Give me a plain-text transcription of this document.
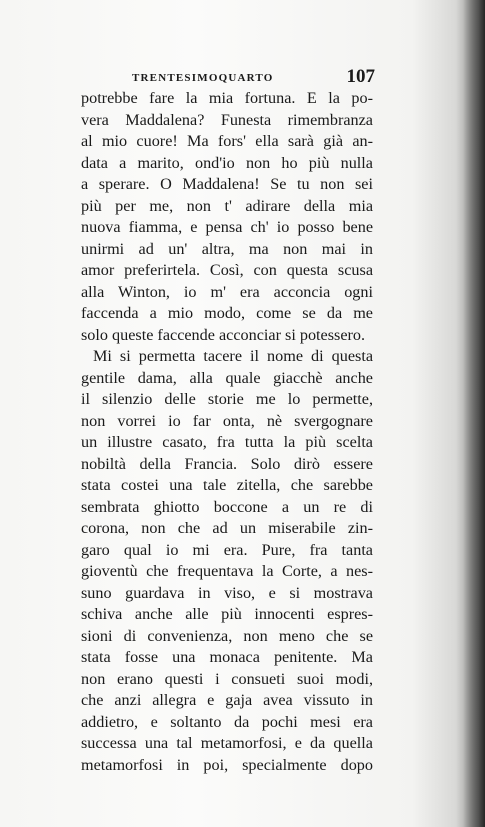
TRENTESIMOQUARTO	107
potrebbe fare la mia fortuna. E la po-
vera Maddalena? Funesta rimembranza
al mio cuore! Ma fors' ella sarà già an-
data a marito, ond'io non ho più nulla
a sperare. O Maddalena! Se tu non sei
più per me, non t' adirare della mia
nuova fiamma, e pensa ch' io posso bene
unirmi ad un' altra, ma non mai in
amor preferirtela. Così, con questa scusa
alla Winton, io m' era acconcia ogni
faccenda a mio modo, come se da me
solo queste faccende acconciar si potessero.
Mi si permetta tacere il nome di questa
gentile dama, alla quale giacchè anche
il silenzio delle storie me lo permette,
non vorrei io far onta, nè svergognare
un illustre casato, fra tutta la più scelta
nobiltà della Francia. Solo dirò essere
stata costei una tale zitella, che sarebbe
sembrata ghiotto boccone a un re di
corona, non che ad un miserabile zin-
garo qual io mi era. Pure, fra tanta
gioventù che frequentava la Corte, a nes-
suno guardava in viso, e si mostrava
schiva anche alle più innocenti espres-
sioni di convenienza, non meno che se
stata fosse una monaca penitente. Ma
non erano questi i consueti suoi modi,
che anzi allegra e gaja avea vissuto in
addietro, e soltanto da pochi mesi era
successa una tal metamorfosi, e da quella
metamorfosi in poi, specialmente dopo
